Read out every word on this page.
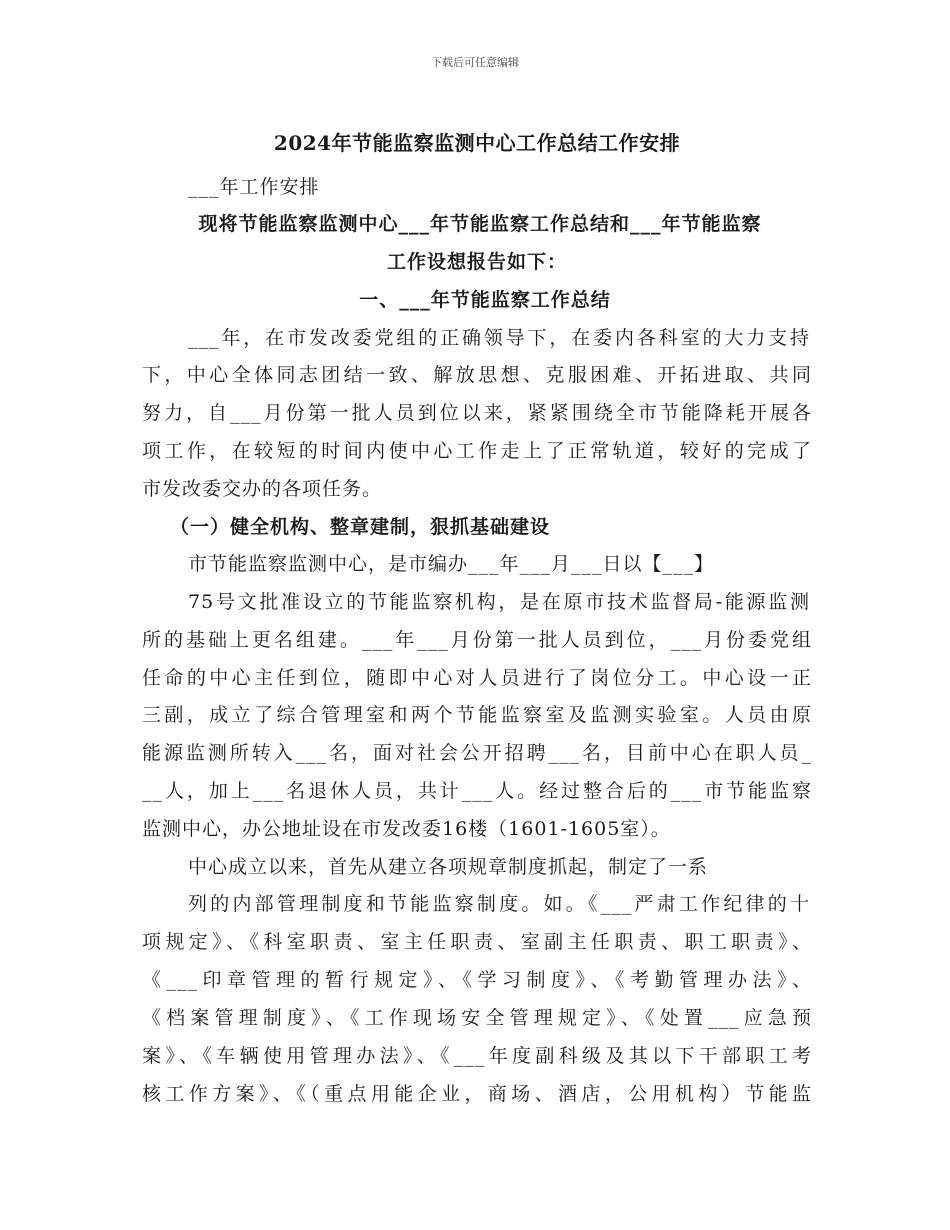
下载后可任意编辑
2024年节能监察监测中心工作总结工作安排
___年工作安排
现将节能监察监测中心___年节能监察工作总结和___年节能监察
工作设想报告如下：
一、___年节能监察工作总结
___年，在市发改委党组的正确领导下，在委内各科室的大力支持
下，中心全体同志团结一致、解放思想、克服困难、开拓进取、共同
努力，自___月份第一批人员到位以来，紧紧围绕全市节能降耗开展各
项工作，在较短的时间内使中心工作走上了正常轨道，较好的完成了
市发改委交办的各项任务。
（一）健全机构、整章建制，狠抓基础建设
市节能监察监测中心，是市编办___年___月___日以【___】
75号文批准设立的节能监察机构，是在原市技术监督局-能源监测
所的基础上更名组建。___年___月份第一批人员到位，___月份委党组
任命的中心主任到位，随即中心对人员进行了岗位分工。中心设一正
三副，成立了综合管理室和两个节能监察室及监测实验室。人员由原
能源监测所转入___名，面对社会公开招聘___名，目前中心在职人员_
__人，加上___名退休人员，共计___人。经过整合后的___市节能监察
监测中心，办公地址设在市发改委16楼（1601-1605室）。
中心成立以来，首先从建立各项规章制度抓起，制定了一系
列的内部管理制度和节能监察制度。如。《___严肃工作纪律的十
项规定》、《科室职责、室主任职责、室副主任职责、职工职责》、
《___印章管理的暂行规定》、《学习制度》、《考勤管理办法》、
《档案管理制度》、《工作现场安全管理规定》、《处置___应急预
案》、《车辆使用管理办法》、《___年度副科级及其以下干部职工考
核工作方案》、《（重点用能企业，商场、酒店，公用机构）节能监
